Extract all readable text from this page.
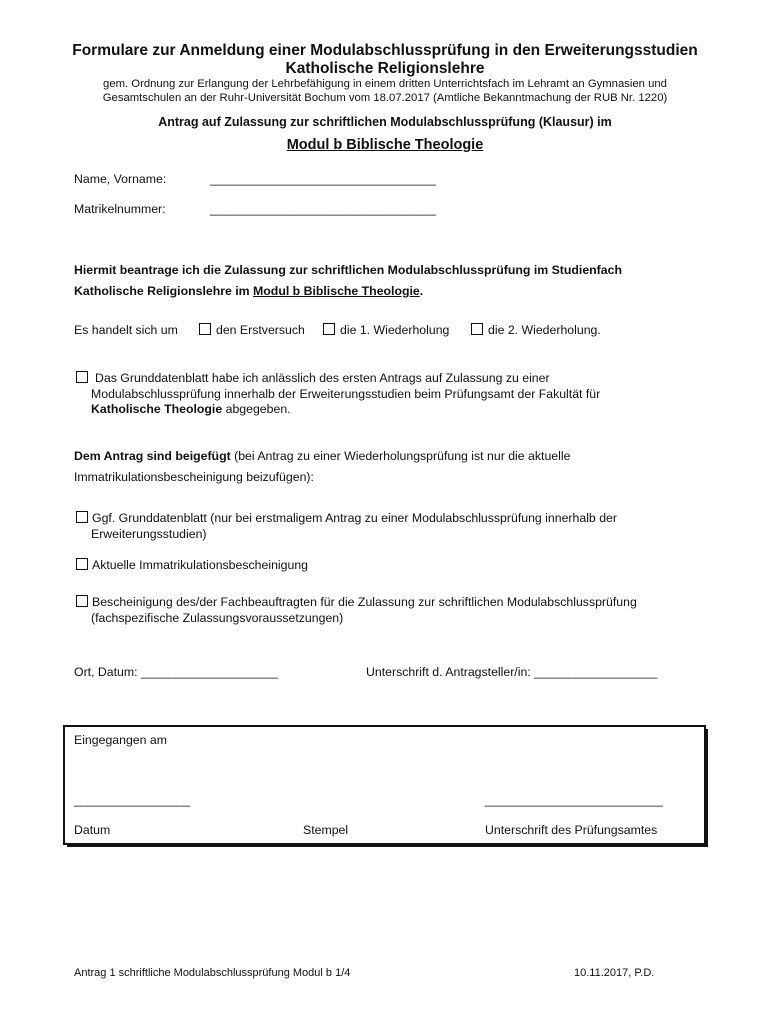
Formulare zur Anmeldung einer Modulabschlussprüfung in den Erweiterungsstudien
Katholische Religionslehre
gem. Ordnung zur Erlangung der Lehrbefähigung in einem dritten Unterrichtsfach im Lehramt an Gymnasien und
Gesamtschulen an der Ruhr-Universität Bochum vom 18.07.2017 (Amtliche Bekanntmachung der RUB Nr. 1220)
Antrag auf Zulassung zur schriftlichen Modulabschlussprüfung (Klausur) im
Modul b Biblische Theologie
Name, Vorname:	_________________________________
Matrikelnummer:	_________________________________
Hiermit beantrage ich die Zulassung zur schriftlichen Modulabschlussprüfung im Studienfach
Katholische Religionslehre im Modul b Biblische Theologie.
Es handelt sich um	den Erstversuch	die 1. Wiederholung	die 2. Wiederholung.
Das Grunddatenblatt habe ich anlässlich des ersten Antrags auf Zulassung zu einer
Modulabschlussprüfung innerhalb der Erweiterungsstudien beim Prüfungsamt der Fakultät für
Katholische Theologie abgegeben.
Dem Antrag sind beigefügt (bei Antrag zu einer Wiederholungsprüfung ist nur die aktuelle
Immatrikulationsbescheinigung beizufügen):
Ggf. Grunddatenblatt (nur bei erstmaligem Antrag zu einer Modulabschlussprüfung innerhalb der
Erweiterungsstudien)
Aktuelle Immatrikulationsbescheinigung
Bescheinigung des/der Fachbeauftragten für die Zulassung zur schriftlichen Modulabschlussprüfung
(fachspezifische Zulassungsvoraussetzungen)
Ort, Datum: ____________________	Unterschrift d. Antragsteller/in: __________________
Eingegangen am
_________________	__________________________
Datum	Stempel	Unterschrift des Prüfungsamtes
Antrag 1 schriftliche Modulabschlussprüfung Modul b 1/4	10.11.2017, P.D.
